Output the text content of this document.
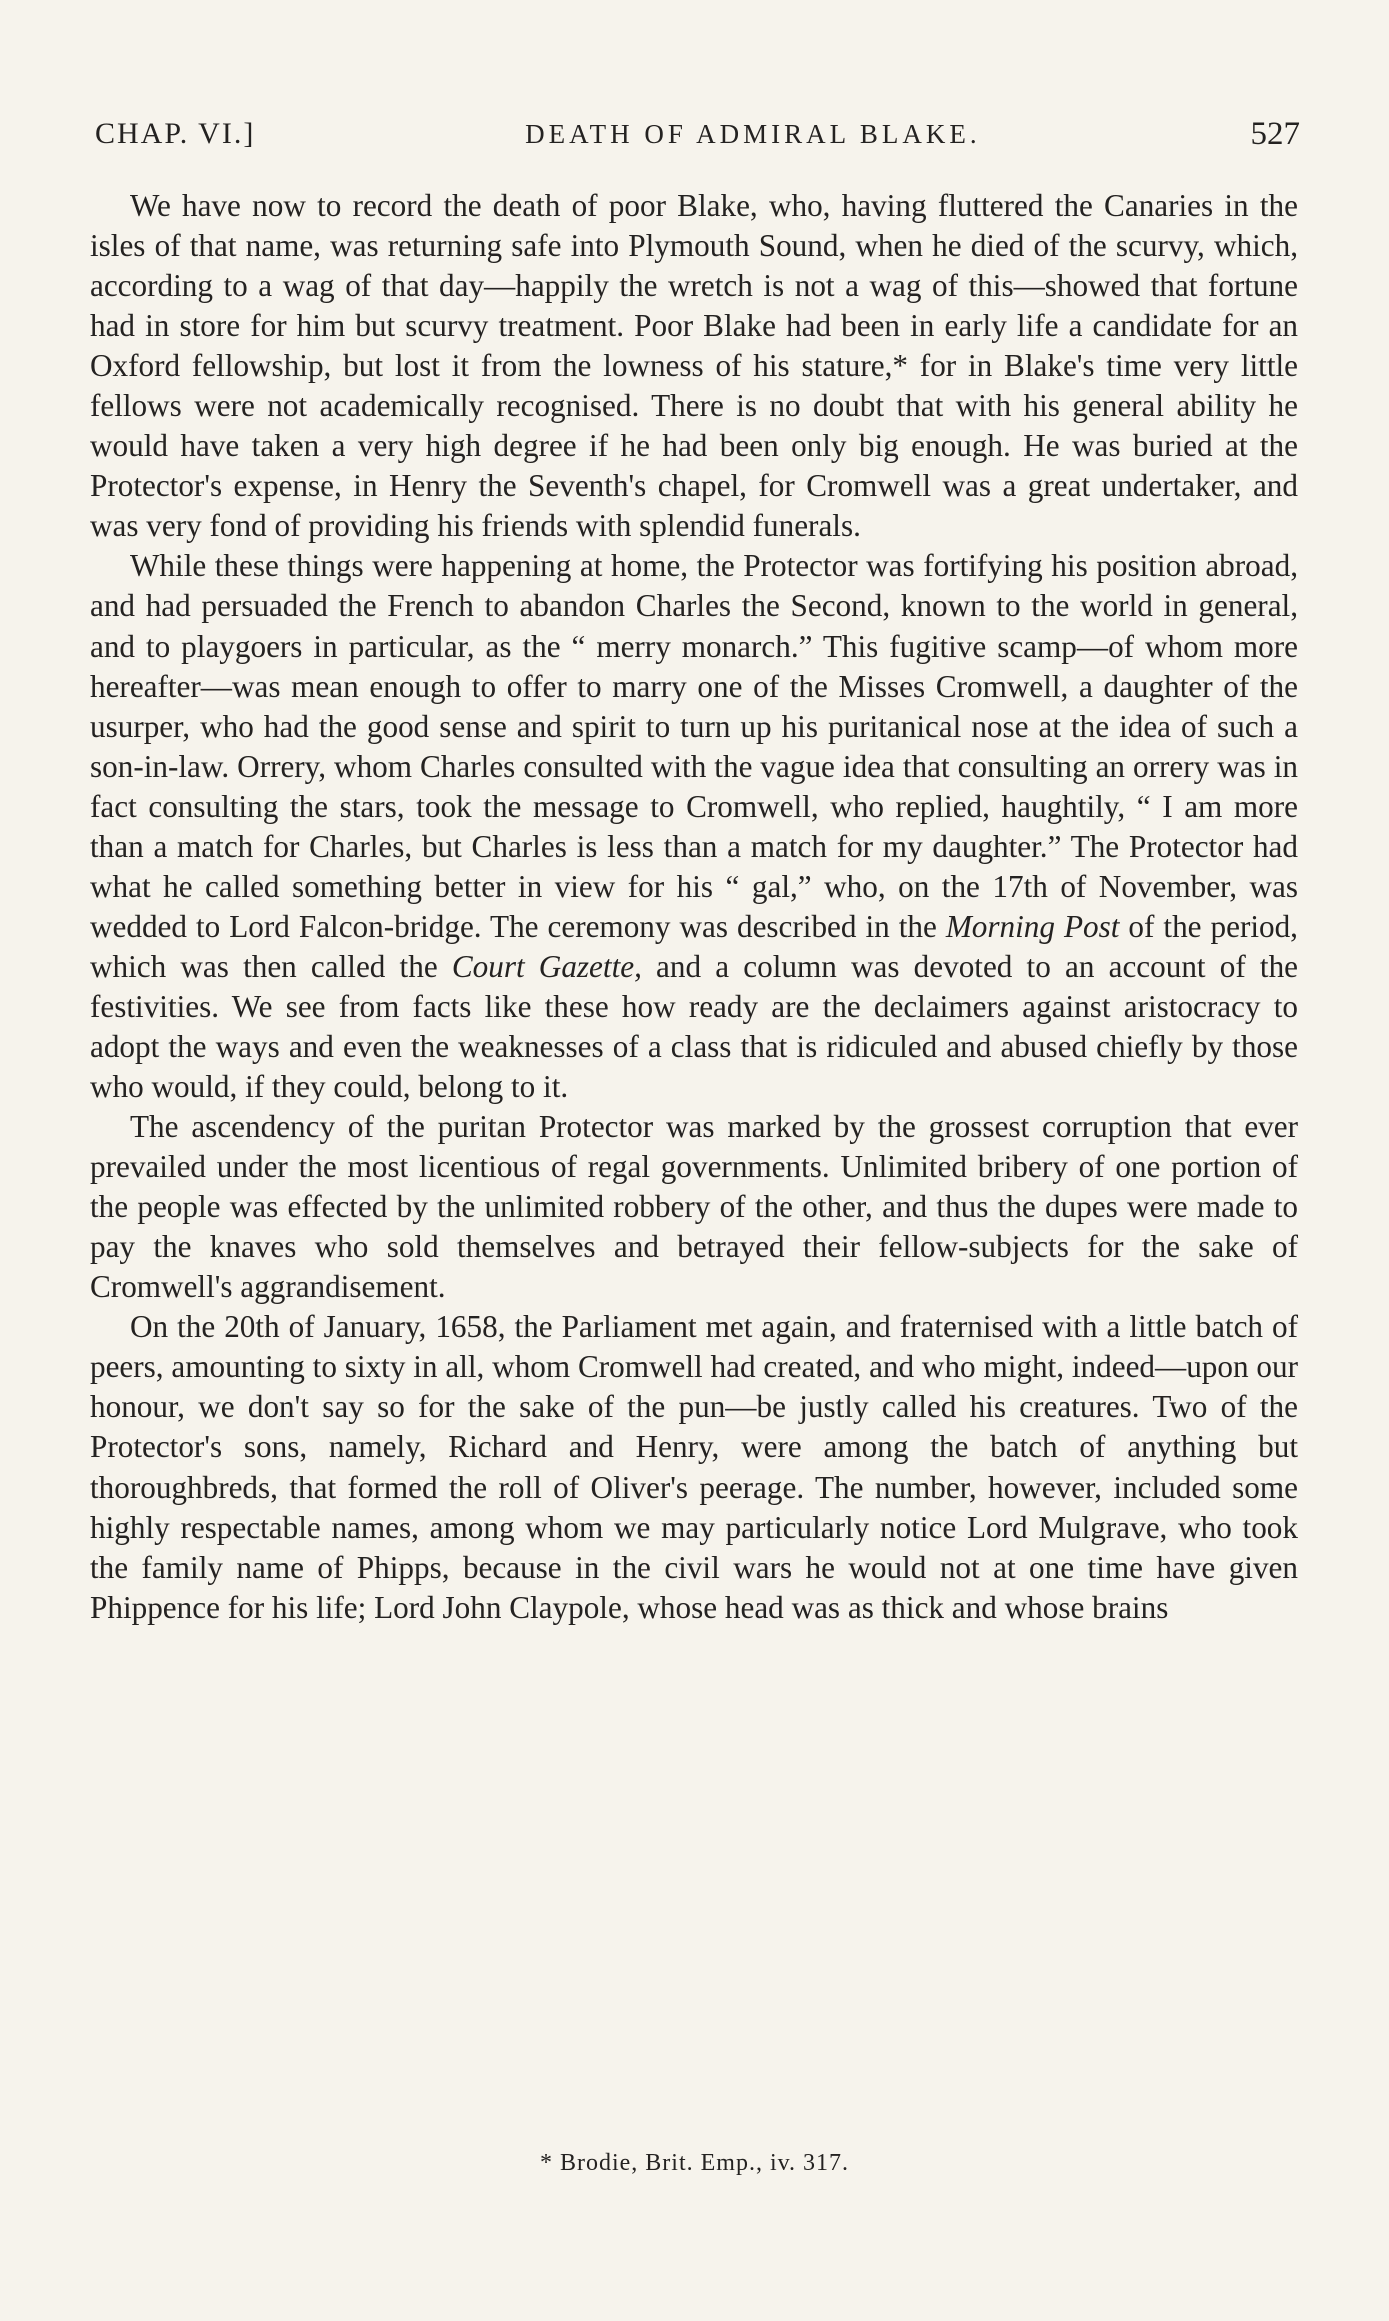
CHAP. VI.]	DEATH OF ADMIRAL BLAKE.	527

We have now to record the death of poor Blake, who, having fluttered the Canaries in the isles of that name, was returning safe into Plymouth Sound, when he died of the scurvy, which, according to a wag of that day—happily the wretch is not a wag of this—showed that fortune had in store for him but scurvy treatment. Poor Blake had been in early life a candidate for an Oxford fellowship, but lost it from the lowness of his stature,* for in Blake's time very little fellows were not academically recognised. There is no doubt that with his general ability he would have taken a very high degree if he had been only big enough. He was buried at the Protector's expense, in Henry the Seventh's chapel, for Cromwell was a great undertaker, and was very fond of providing his friends with splendid funerals.

While these things were happening at home, the Protector was fortifying his position abroad, and had persuaded the French to abandon Charles the Second, known to the world in general, and to playgoers in particular, as the “ merry monarch.” This fugitive scamp—of whom more hereafter—was mean enough to offer to marry one of the Misses Cromwell, a daughter of the usurper, who had the good sense and spirit to turn up his puritanical nose at the idea of such a son-in-law. Orrery, whom Charles consulted with the vague idea that consulting an orrery was in fact consulting the stars, took the message to Cromwell, who replied, haughtily, “ I am more than a match for Charles, but Charles is less than a match for my daughter.” The Protector had what he called something better in view for his “ gal,” who, on the 17th of November, was wedded to Lord Falcon-bridge. The ceremony was described in the Morning Post of the period, which was then called the Court Gazette, and a column was devoted to an account of the festivities. We see from facts like these how ready are the declaimers against aristocracy to adopt the ways and even the weaknesses of a class that is ridiculed and abused chiefly by those who would, if they could, belong to it.

The ascendency of the puritan Protector was marked by the grossest corruption that ever prevailed under the most licentious of regal governments. Unlimited bribery of one portion of the people was effected by the unlimited robbery of the other, and thus the dupes were made to pay the knaves who sold themselves and betrayed their fellow-subjects for the sake of Cromwell's aggrandisement.

On the 20th of January, 1658, the Parliament met again, and fraternised with a little batch of peers, amounting to sixty in all, whom Cromwell had created, and who might, indeed—upon our honour, we don't say so for the sake of the pun—be justly called his creatures. Two of the Protector's sons, namely, Richard and Henry, were among the batch of anything but thoroughbreds, that formed the roll of Oliver's peerage. The number, however, included some highly respectable names, among whom we may particularly notice Lord Mulgrave, who took the family name of Phipps, because in the civil wars he would not at one time have given Phippence for his life; Lord John Claypole, whose head was as thick and whose brains

* Brodie, Brit. Emp., iv. 317.
